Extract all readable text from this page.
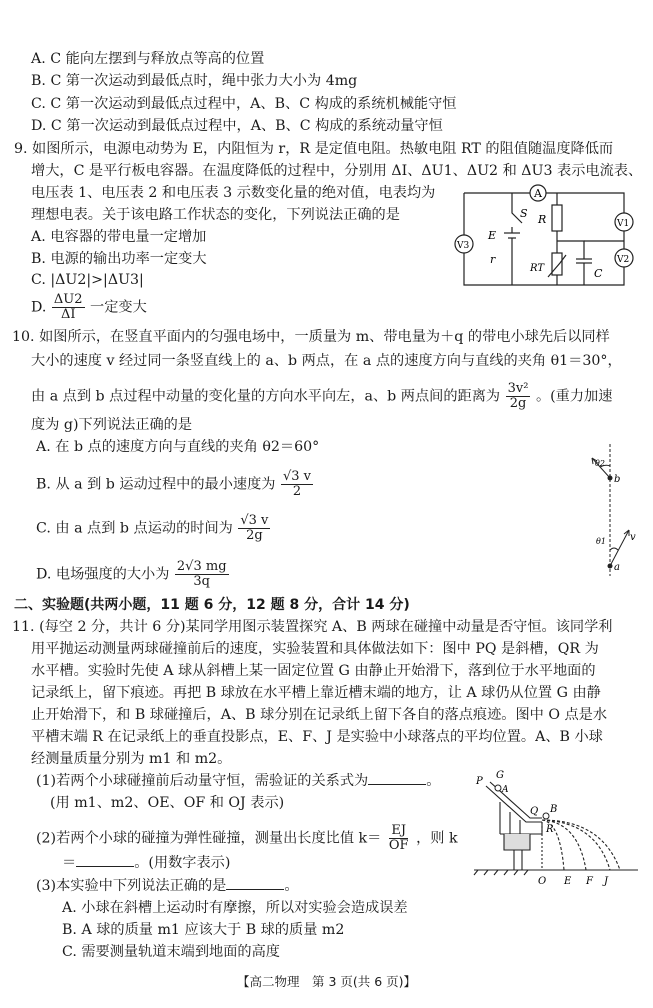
A. C 能向左摆到与释放点等高的位置
B. C 第一次运动到最低点时，绳中张力大小为 4mg
C. C 第一次运动到最低点过程中，A、B、C 构成的系统机械能守恒
D. C 第一次运动到最低点过程中，A、B、C 构成的系统动量守恒
9. 如图所示，电源电动势为 E，内阻恒为 r，R 是定值电阻。热敏电阻 RT 的阻值随温度降低而
增大，C 是平行板电容器。在温度降低的过程中，分别用 ΔI、ΔU1、ΔU2 和 ΔU3 表示电流表、
电压表 1、电压表 2 和电压表 3 示数变化量的绝对值，电表均为
理想电表。关于该电路工作状态的变化，下列说法正确的是
A. 电容器的带电量一定增加
B. 电源的输出功率一定变大
C. |ΔU2|>|ΔU3|
D. $\frac{\Delta U2}{\Delta I}$ 一定变大
A
S
E
r
R
RT	C
V1
V2
V3
10. 如图所示，在竖直平面内的匀强电场中，一质量为 m、带电量为＋q 的带电小球先后以同样
大小的速度 v 经过同一条竖直线上的 a、b 两点，在 a 点的速度方向与直线的夹角 θ1＝30°，
由 a 点到 b 点过程中动量的变化量的方向水平向左，a、b 两点间的距离为 $\frac{\text{3v²}}{2g}$ 。(重力加速
度为 g)下列说法正确的是
A. 在 b 点的速度方向与直线的夹角 θ2＝60°
B. 从 a 到 b 运动过程中的最小速度为 $\frac{√3 v}{2}$
C. 由 a 点到 b 点运动的时间为 $\frac{√3 v}{2g}$
D. 电场强度的大小为 $\frac{2√3 mg}{3q}$
θ2
b
θ1 v
a
二、实验题(共两小题，11 题 6 分，12 题 8 分，合计 14 分)
11. (每空 2 分，共计 6 分)某同学用图示装置探究 A、B 两球在碰撞中动量是否守恒。该同学利
用平抛运动测量两球碰撞前后的速度，实验装置和具体做法如下：图中 PQ 是斜槽，QR 为
水平槽。实验时先使 A 球从斜槽上某一固定位置 G 由静止开始滑下，落到位于水平地面的
记录纸上，留下痕迹。再把 B 球放在水平槽上靠近槽末端的地方，让 A 球仍从位置 G 由静
止开始滑下，和 B 球碰撞后，A、B 球分别在记录纸上留下各自的落点痕迹。图中 O 点是水
平槽末端 R 在记录纸上的垂直投影点，E、F、J 是实验中小球落点的平均位置。A、B 小球
经测量质量分别为 m1 和 m2。
(1)若两个小球碰撞前后动量守恒，需验证的关系式为	。
(用 m1、m2、OE、OF 和 OJ 表示)
(2)若两个小球的碰撞为弹性碰撞，测量出长度比值 $k= \frac{EJ}{OF}$ ，则 k
＝	。(用数字表示)
(3)本实验中下列说法正确的是	。
A. 小球在斜槽上运动时有摩擦，所以对实验会造成误差
B. A 球的质量 m1 应该大于 B 球的质量 m2
C. 需要测量轨道末端到地面的高度
P
G
A
Q B
R
O E F J
【高二物理　第 3 页(共 6 页)】
